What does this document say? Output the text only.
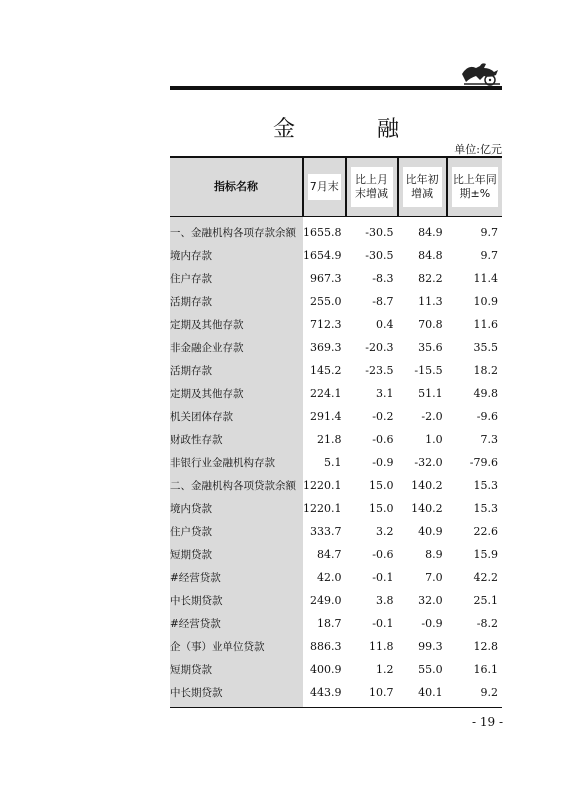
金　融
单位:亿元
指标名称	7月末	比上月末增减	比年初增减	比上年同期±%

一、金融机构各项存款余额	1655.8	-30.5	84.9	9.7
境内存款	1654.9	-30.5	84.8	9.7
住户存款	967.3	-8.3	82.2	11.4
活期存款	255.0	-8.7	11.3	10.9
定期及其他存款	712.3	0.4	70.8	11.6
非金融企业存款	369.3	-20.3	35.6	35.5
活期存款	145.2	-23.5	-15.5	18.2
定期及其他存款	224.1	3.1	51.1	49.8
机关团体存款	291.4	-0.2	-2.0	-9.6
财政性存款	21.8	-0.6	1.0	7.3
非银行业金融机构存款	5.1	-0.9	-32.0	-79.6
二、金融机构各项贷款余额	1220.1	15.0	140.2	15.3
境内贷款	1220.1	15.0	140.2	15.3
住户贷款	333.7	3.2	40.9	22.6
短期贷款	84.7	-0.6	8.9	15.9
#经营贷款	42.0	-0.1	7.0	42.2
中长期贷款	249.0	3.8	32.0	25.1
#经营贷款	18.7	-0.1	-0.9	-8.2
企（事）业单位贷款	886.3	11.8	99.3	12.8
短期贷款	400.9	1.2	55.0	16.1
中长期贷款	443.9	10.7	40.1	9.2
- 19 -
